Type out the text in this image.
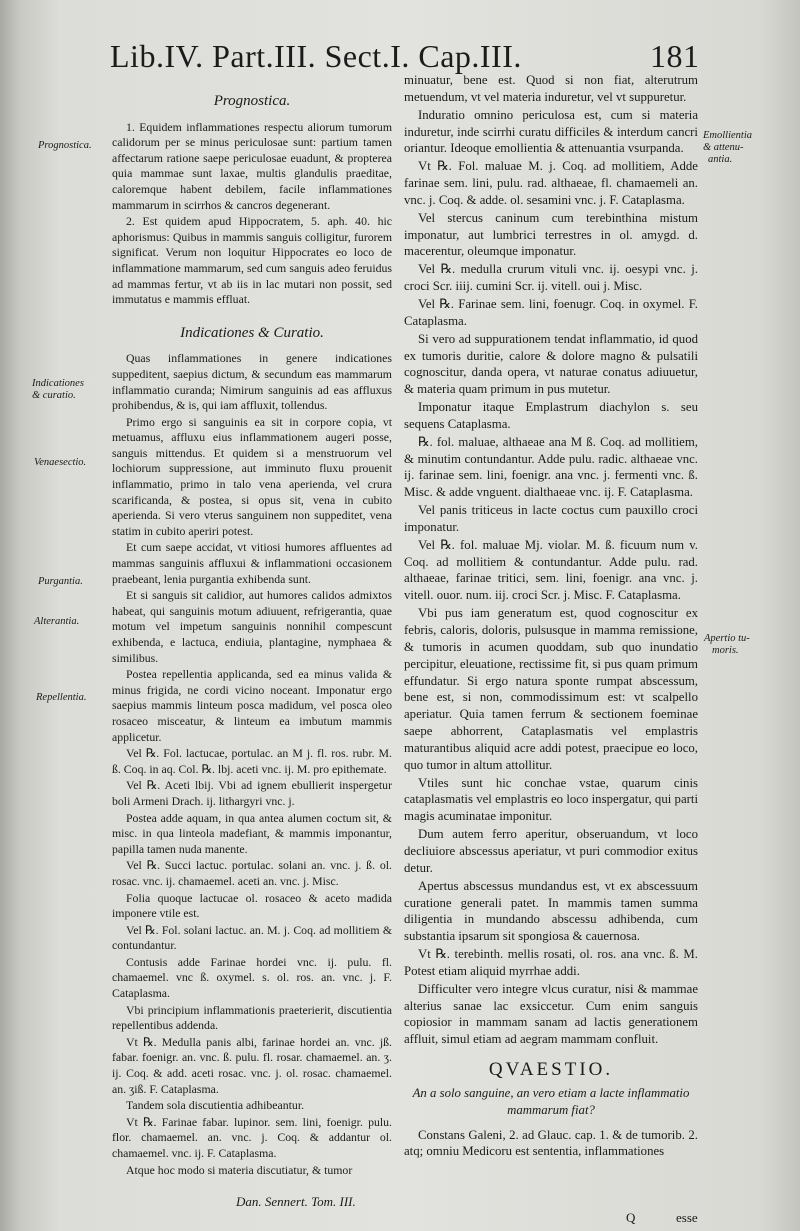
Lib.IV. Part.III. Sect.I. Cap.III.	181
Prognostica.
Indicationes
& curatio.
Venaesectio.
Purgantia.
Alterantia.
Repellentia.
Emollientia
& attenu-
antia.
Apertio tu-
moris.
Prognostica.

1. Equidem inflammationes respectu aliorum tumorum calidorum per se minus periculosae sunt: partium tamen affectarum ratione saepe periculosae euadunt, & propterea quia mammae sunt laxae, multis glandulis praeditae, caloremque habent debilem, facile inflammationes mammarum in scirrhos & cancros degenerant.

2. Est quidem apud Hippocratem, 5. aph. 40. hic aphorismus: Quibus in mammis sanguis colligitur, furorem significat. Verum non loquitur Hippocrates eo loco de inflammatione mammarum, sed cum sanguis adeo feruidus ad mammas fertur, vt ab iis in lac mutari non possit, sed immutatus e mammis effluat.

Indicationes & Curatio.

Quas inflammationes in genere indicationes suppeditent, saepius dictum, & secundum eas mammarum inflammatio curanda; Nimirum sanguinis ad eas affluxus prohibendus, & is, qui iam affluxit, tollendus.

Primo ergo si sanguinis ea sit in corpore copia, vt metuamus, affluxu eius inflammationem augeri posse, sanguis mittendus. Et quidem si a menstruorum vel lochiorum suppressione, aut imminuto fluxu prouenit inflammatio, primo in talo vena aperienda, vel crura scarificanda, & postea, si opus sit, vena in cubito aperienda. Si vero vterus sanguinem non suppeditet, vena statim in cubito aperiri potest.

Et cum saepe accidat, vt vitiosi humores affluentes ad mammas sanguinis affluxui & inflammationi occasionem praebeant, lenia purgantia exhibenda sunt.

Et si sanguis sit calidior, aut humores calidos admixtos habeat, qui sanguinis motum adiuuent, refrigerantia, quae motum vel impetum sanguinis nonnihil compescunt exhibenda, e lactuca, endiuia, plantagine, nymphaea & similibus.

Postea repellentia applicanda, sed ea minus valida & minus frigida, ne cordi vicino noceant. Imponatur ergo saepius mammis linteum posca madidum, vel posca oleo rosaceo misceatur, & linteum ea imbutum mammis applicetur.

Vel ℞. Fol. lactucae, portulac. an M j. fl. ros. rubr. M. ß. Coq. in aq. Col. ℞. lbj. aceti vnc. ij. M. pro epithemate.

Vel ℞. Aceti lbij. Vbi ad ignem ebullierit inspergetur boli Armeni Drach. ij. lithargyri vnc. j.

Postea adde aquam, in qua antea alumen coctum sit, & misc. in qua linteola madefiant, & mammis imponantur, papilla tamen nuda manente.

Vel ℞. Succi lactuc. portulac. solani an. vnc. j. ß. ol. rosac. vnc. ij. chamaemel. aceti an. vnc. j. Misc.

Folia quoque lactucae ol. rosaceo & aceto madida imponere vtile est.

Vel ℞. Fol. solani lactuc. an. M. j. Coq. ad mollitiem & contundantur.

Contusis adde Farinae hordei vnc. ij. pulu. fl. chamaemel. vnc ß. oxymel. s. ol. ros. an. vnc. j. F. Cataplasma.

Vbi principium inflammationis praeterierit, discutientia repellentibus addenda.

Vt ℞. Medulla panis albi, farinae hordei an. vnc. jß. fabar. foenigr. an. vnc. ß. pulu. fl. rosar. chamaemel. an. ʒ. ij. Coq. & add. aceti rosac. vnc. j. ol. rosac. chamaemel. an. ʒiß. F. Cataplasma.

Tandem sola discutientia adhibeantur.

Vt ℞. Farinae fabar. lupinor. sem. lini, foenigr. pulu. flor. chamaemel. an. vnc. j. Coq. & addantur ol. chamaemel. vnc. ij. F. Cataplasma.

Atque hoc modo si materia discutiatur, & tumor

minuatur, bene est. Quod si non fiat, alterutrum metuendum, vt vel materia induretur, vel vt suppuretur.

Induratio omnino periculosa est, cum si materia induretur, inde scirrhi curatu difficiles & interdum cancri oriantur. Ideoque emollientia & attenuantia vsurpanda.

Vt ℞. Fol. maluae M. j. Coq. ad mollitiem, Adde farinae sem. lini, pulu. rad. althaeae, fl. chamaemeli an. vnc. j. Coq. & adde. ol. sesamini vnc. j. F. Cataplasma.

Vel stercus caninum cum terebinthina mistum imponatur, aut lumbrici terrestres in ol. amygd. d. macerentur, oleumque imponatur.

Vel ℞. medulla crurum vituli vnc. ij. oesypi vnc. j. croci Scr. iiij. cumini Scr. ij. vitell. oui j. Misc.

Vel ℞. Farinae sem. lini, foenugr. Coq. in oxymel. F. Cataplasma.

Si vero ad suppurationem tendat inflammatio, id quod ex tumoris duritie, calore & dolore magno & pulsatili cognoscitur, danda opera, vt naturae conatus adiuuetur, & materia quam primum in pus mutetur.

Imponatur itaque Emplastrum diachylon s. seu sequens Cataplasma.

℞. fol. maluae, althaeae ana M ß. Coq. ad mollitiem, & minutim contundantur. Adde pulu. radic. althaeae vnc. ij. farinae sem. lini, foenigr. ana vnc. j. fermenti vnc. ß. Misc. & adde vnguent. dialthaeae vnc. ij. F. Cataplasma.

Vel panis triticeus in lacte coctus cum pauxillo croci imponatur.

Vel ℞. fol. maluae Mj. violar. M. ß. ficuum num v. Coq. ad mollitiem & contundantur. Adde pulu. rad. althaeae, farinae tritici, sem. lini, foenigr. ana vnc. j. vitell. ouor. num. iij. croci Scr. j. Misc. F. Cataplasma.

Vbi pus iam generatum est, quod cognoscitur ex febris, caloris, doloris, pulsusque in mamma remissione, & tumoris in acumen quoddam, sub quo inundatio percipitur, eleuatione, rectissime fit, si pus quam primum effundatur. Si ergo natura sponte rumpat abscessum, bene est, si non, commodissimum est: vt scalpello aperiatur. Quia tamen ferrum & sectionem foeminae saepe abhorrent, Cataplasmatis vel emplastris maturantibus aliquid acre addi potest, praecipue eo loco, quo tumor in altum attollitur.

Vtiles sunt hic conchae vstae, quarum cinis cataplasmatis vel emplastris eo loco inspergatur, qui parti magis acuminatae imponitur.

Dum autem ferro aperitur, obseruandum, vt loco decliuiore abscessus aperiatur, vt puri commodior exitus detur.

Apertus abscessus mundandus est, vt ex abscessuum curatione generali patet. In mammis tamen summa diligentia in mundando abscessu adhibenda, cum substantia ipsarum sit spongiosa & cauernosa.

Vt ℞. terebinth. mellis rosati, ol. ros. ana vnc. ß. M. Potest etiam aliquid myrrhae addi.

Difficulter vero integre vlcus curatur, nisi & mammae alterius sanae lac exsiccetur. Cum enim sanguis copiosior in mammam sanam ad lactis generationem affluit, simul etiam ad aegram mammam confluit.

QVAESTIO.
An a solo sanguine, an vero etiam a lacte inflammatio mammarum fiat?

Constans Galeni, 2. ad Glauc. cap. 1. & de tumorib. 2. atq; omniu Medicoru est sententia, inflammationes

Dan. Sennert. Tom. III.
Q	esse
